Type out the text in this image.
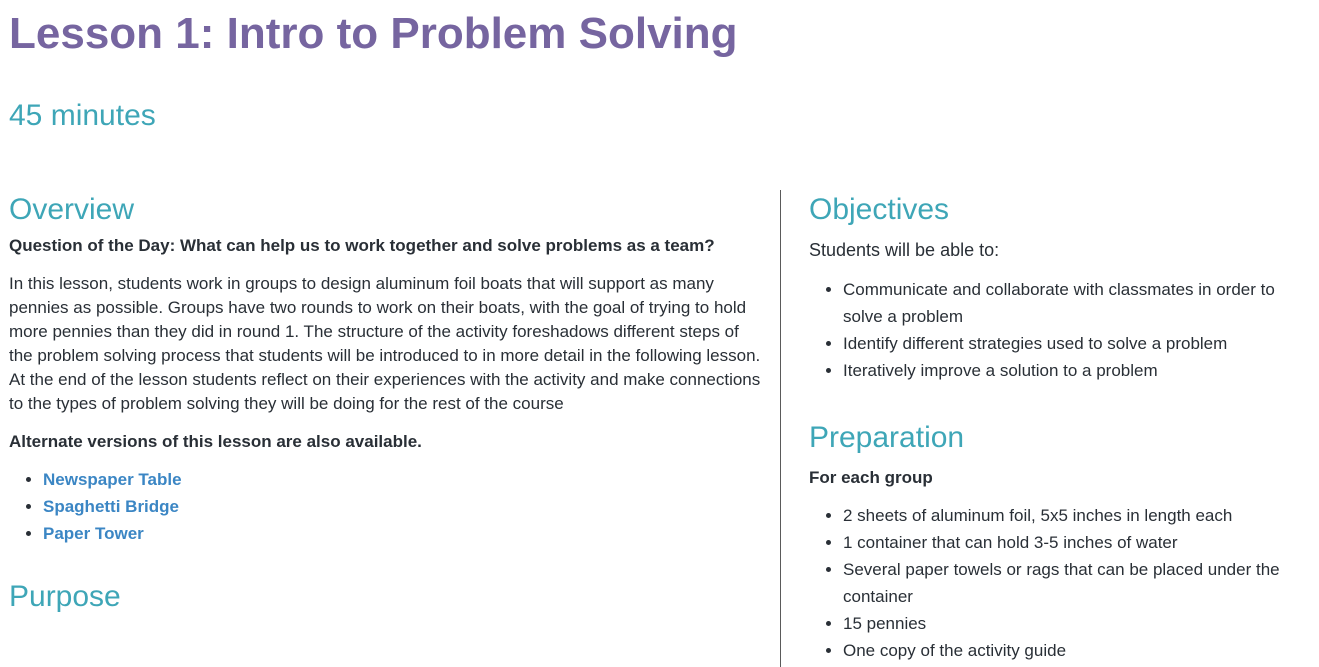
Lesson 1: Intro to Problem Solving
45 minutes
Overview

Question of the Day: What can help us to work together and solve problems as a team?

In this lesson, students work in groups to design aluminum foil boats that will support as many pennies as possible. Groups have two rounds to work on their boats, with the goal of trying to hold more pennies than they did in round 1. The structure of the activity foreshadows different steps of the problem solving process that students will be introduced to in more detail in the following lesson. At the end of the lesson students reflect on their experiences with the activity and make connections to the types of problem solving they will be doing for the rest of the course

Alternate versions of this lesson are also available.

• Newspaper Table
• Spaghetti Bridge
• Paper Tower
Purpose
Objectives

Students will be able to:

• Communicate and collaborate with classmates in order to solve a problem
• Identify different strategies used to solve a problem
• Iteratively improve a solution to a problem
Preparation

For each group

• 2 sheets of aluminum foil, 5x5 inches in length each
• 1 container that can hold 3-5 inches of water
• Several paper towels or rags that can be placed under the container
• 15 pennies
• One copy of the activity guide
